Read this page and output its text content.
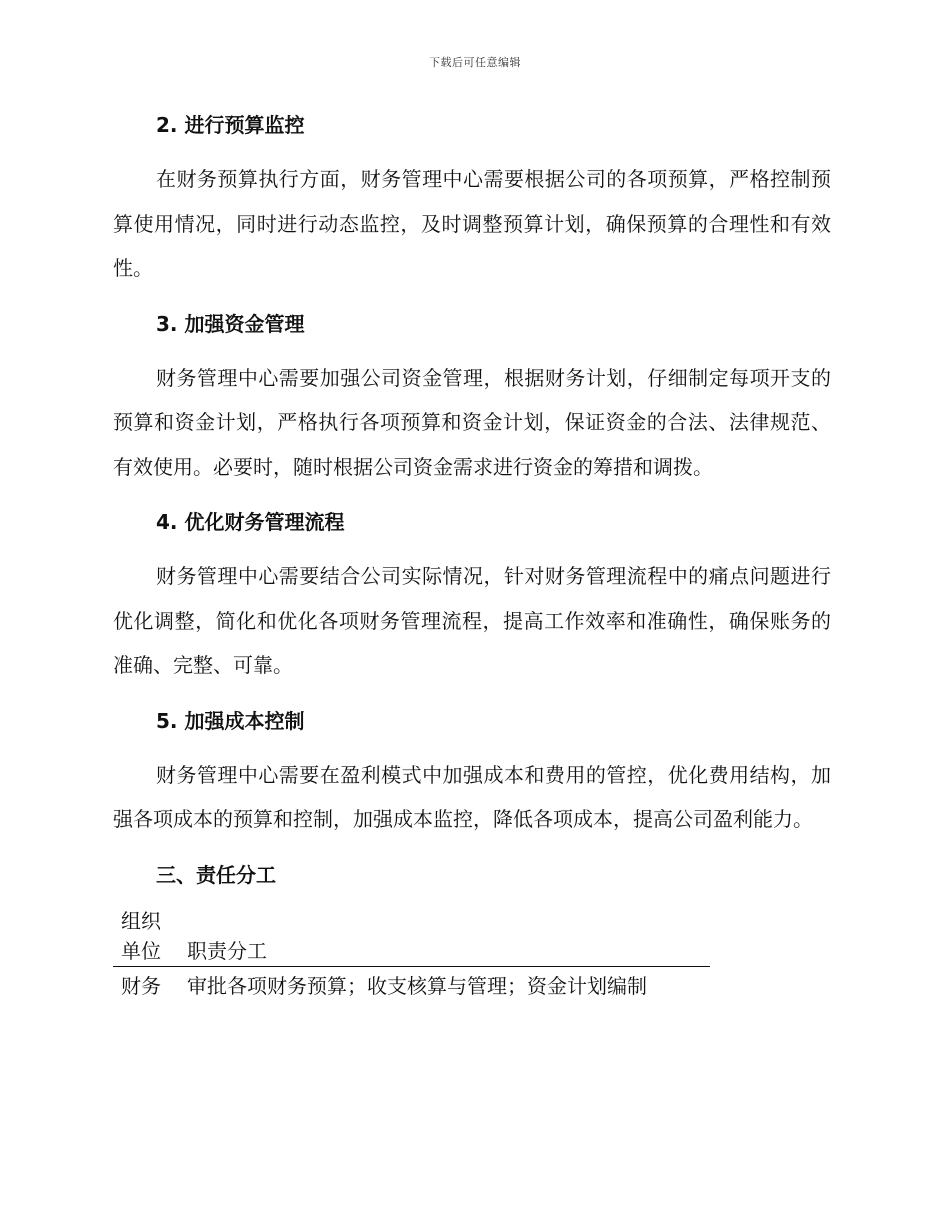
下载后可任意编辑
2. 进行预算监控

在财务预算执行方面，财务管理中心需要根据公司的各项预算，严格控制预算使用情况，同时进行动态监控，及时调整预算计划，确保预算的合理性和有效性。

3. 加强资金管理

财务管理中心需要加强公司资金管理，根据财务计划，仔细制定每项开支的预算和资金计划，严格执行各项预算和资金计划，保证资金的合法、法律规范、有效使用。必要时，随时根据公司资金需求进行资金的筹措和调拨。

4. 优化财务管理流程

财务管理中心需要结合公司实际情况，针对财务管理流程中的痛点问题进行优化调整，简化和优化各项财务管理流程，提高工作效率和准确性，确保账务的准确、完整、可靠。

5. 加强成本控制

财务管理中心需要在盈利模式中加强成本和费用的管控，优化费用结构，加强各项成本的预算和控制，加强成本监控，降低各项成本，提高公司盈利能力。

三、责任分工
组织
单位	职责分工
财务	审批各项财务预算；收支核算与管理；资金计划编制
